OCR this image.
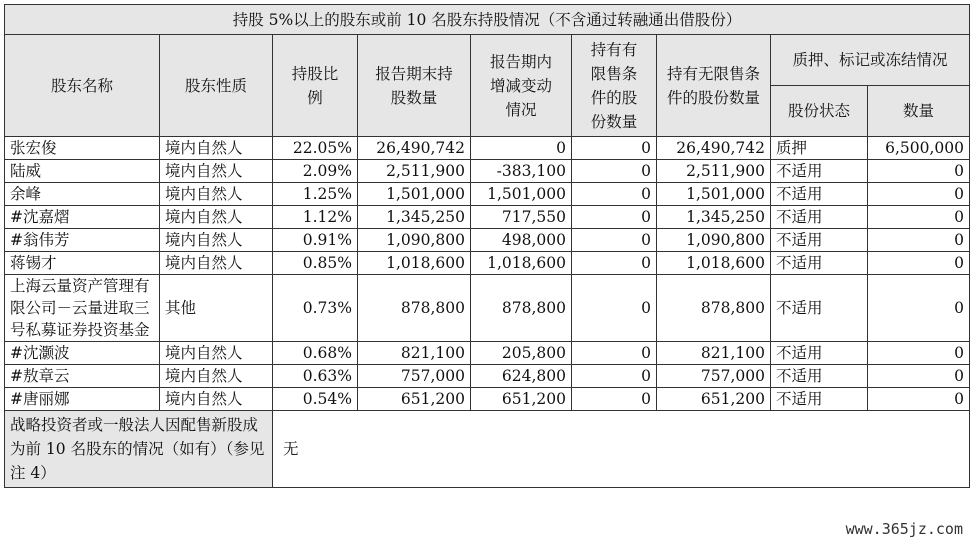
持股 5%以上的股东或前 10 名股东持股情况（不含通过转融通出借股份）								
股东名称	股东性质	持股比例	报告期末持股数量	报告期内增减变动情况	持有有限售条件的股份数量	持有无限售条件的股份数量	质押、标记或冻结情况	
							股份状态	数量
张宏俊	境内自然人	22.05%	26,490,742	0	0	26,490,742	质押	6,500,000
陆威	境内自然人	2.09%	2,511,900	-383,100	0	2,511,900	不适用	0
余峰	境内自然人	1.25%	1,501,000	1,501,000	0	1,501,000	不适用	0
#沈嘉熠	境内自然人	1.12%	1,345,250	717,550	0	1,345,250	不适用	0
#翁伟芳	境内自然人	0.91%	1,090,800	498,000	0	1,090,800	不适用	0
蒋锡才	境内自然人	0.85%	1,018,600	1,018,600	0	1,018,600	不适用	0
上海云量资产管理有限公司－云量进取三号私募证券投资基金	其他	0.73%	878,800	878,800	0	878,800	不适用	0
#沈灏波	境内自然人	0.68%	821,100	205,800	0	821,100	不适用	0
#敖章云	境内自然人	0.63%	757,000	624,800	0	757,000	不适用	0
#唐丽娜	境内自然人	0.54%	651,200	651,200	0	651,200	不适用	0
战略投资者或一般法人因配售新股成为前 10 名股东的情况（如有）（参见注 4）		无						
www.365jz.com
